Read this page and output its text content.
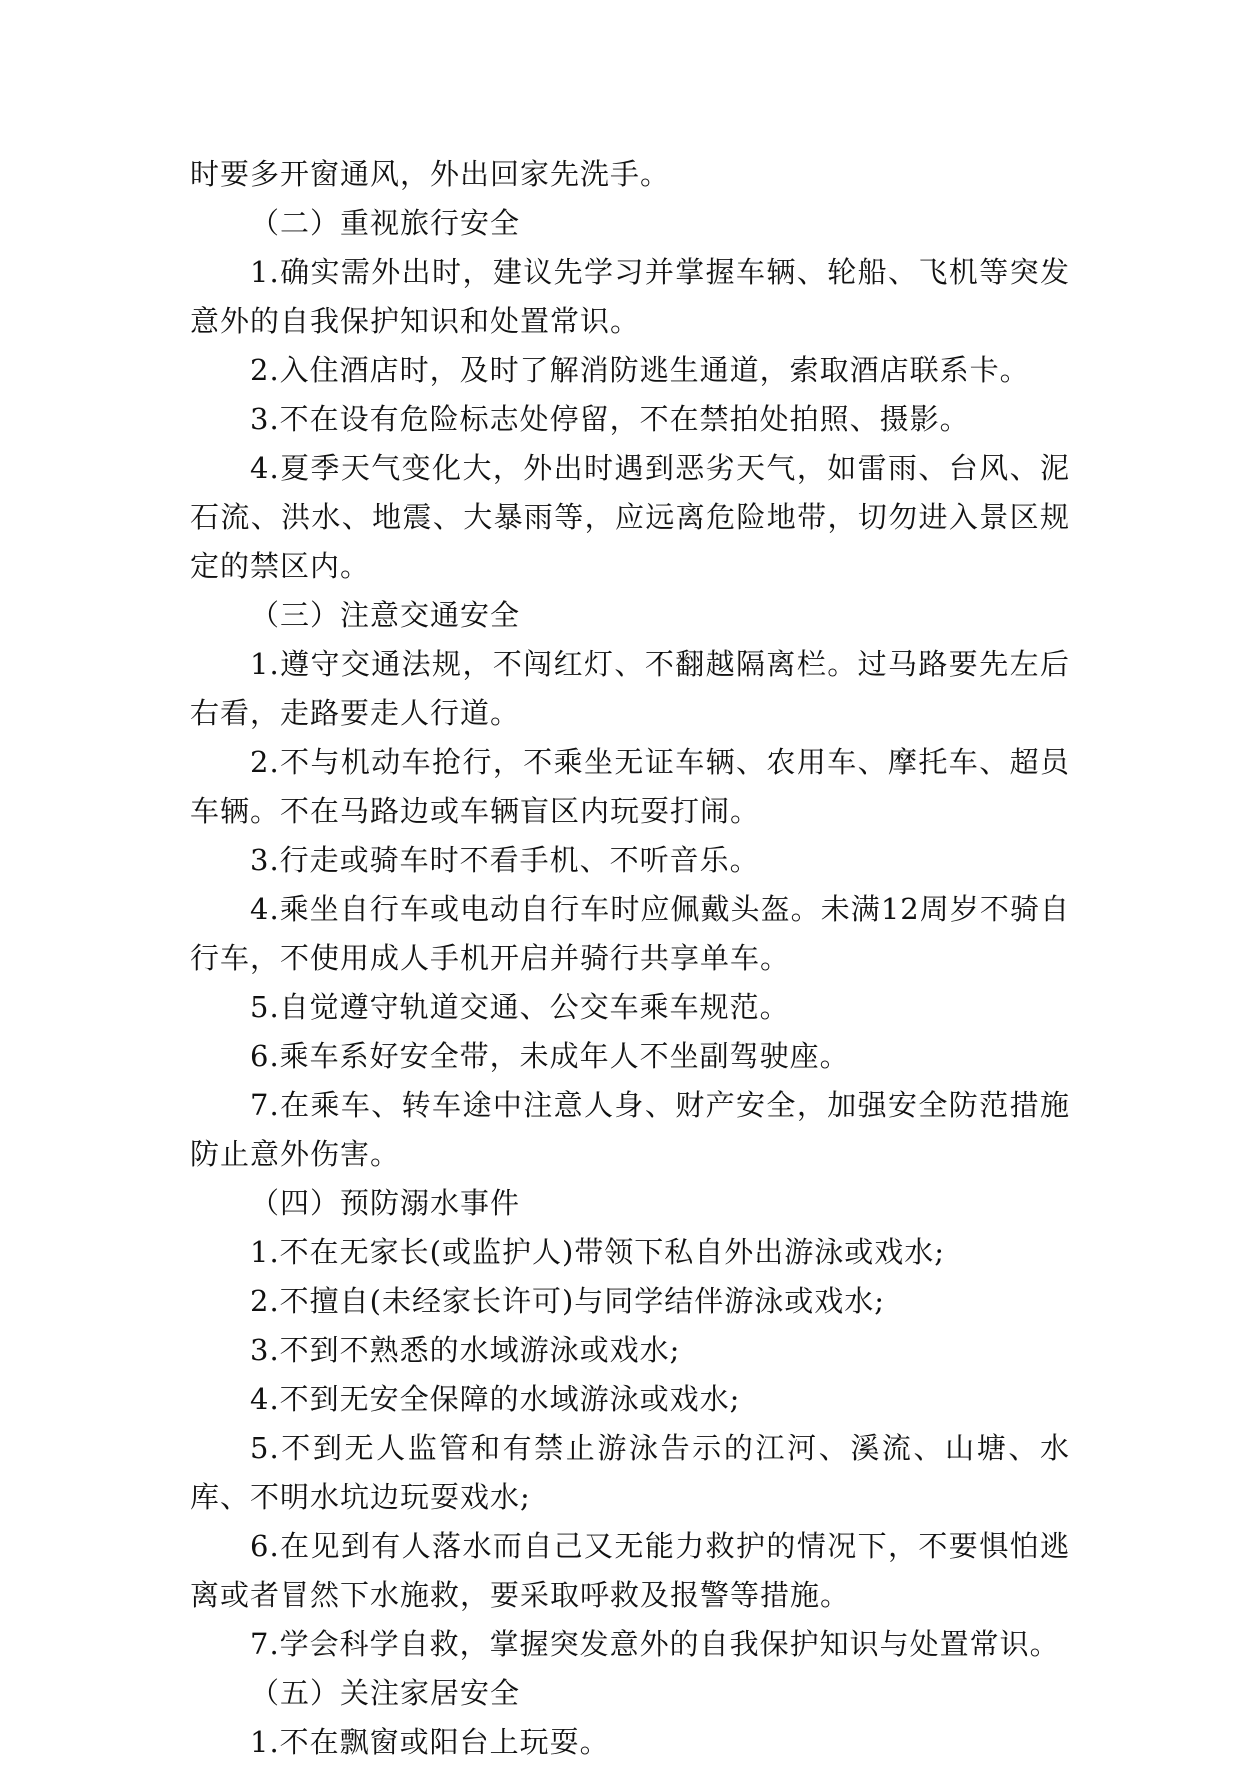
时要多开窗通风，外出回家先洗手。

（二）重视旅行安全

1.确实需外出时，建议先学习并掌握车辆、轮船、飞机等突发意外的自我保护知识和处置常识。

2.入住酒店时，及时了解消防逃生通道，索取酒店联系卡。

3.不在设有危险标志处停留，不在禁拍处拍照、摄影。

4.夏季天气变化大，外出时遇到恶劣天气，如雷雨、台风、泥石流、洪水、地震、大暴雨等，应远离危险地带，切勿进入景区规定的禁区内。

（三）注意交通安全

1.遵守交通法规，不闯红灯、不翻越隔离栏。过马路要先左后右看，走路要走人行道。

2.不与机动车抢行，不乘坐无证车辆、农用车、摩托车、超员车辆。不在马路边或车辆盲区内玩耍打闹。

3.行走或骑车时不看手机、不听音乐。

4.乘坐自行车或电动自行车时应佩戴头盔。未满12周岁不骑自行车，不使用成人手机开启并骑行共享单车。

5.自觉遵守轨道交通、公交车乘车规范。

6.乘车系好安全带，未成年人不坐副驾驶座。

7.在乘车、转车途中注意人身、财产安全，加强安全防范措施防止意外伤害。

（四）预防溺水事件

1.不在无家长(或监护人)带领下私自外出游泳或戏水;

2.不擅自(未经家长许可)与同学结伴游泳或戏水;

3.不到不熟悉的水域游泳或戏水;

4.不到无安全保障的水域游泳或戏水;

5.不到无人监管和有禁止游泳告示的江河、溪流、山塘、水库、不明水坑边玩耍戏水;

6.在见到有人落水而自己又无能力救护的情况下，不要惧怕逃离或者冒然下水施救，要采取呼救及报警等措施。

7.学会科学自救，掌握突发意外的自我保护知识与处置常识。

（五）关注家居安全

1.不在飘窗或阳台上玩耍。
